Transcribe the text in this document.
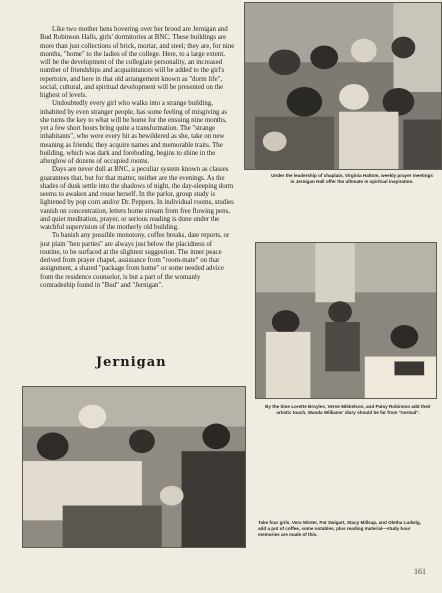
Like two mother hens hovering over her brood are Jernigan and Bud Robinson Halls, girls' dormitories at BNC. These buildings are more than just collections of brick, mortar, and steel; they are, for nine months, "home" to the ladies of the college. Here, to a large extent, will be the development of the collegiate personality, an increased number of friendships and acquaintances will be added to the girl's repertoire, and here in that old arrangement known as "dorm life", social, cultural, and spiritual development will be presented on the highest of levels.

Undoubtedly every girl who walks into a strange building, inhabited by even stranger people, has some feeling of misgiving as she turns the key to what will be home for the ensuing nine months, yet a few short hours bring quite a transformation. The "strange inhabitants", who were every bit as bewildered as she, take on new meaning as friends; they acquire names and memorable traits. The building, which was dark and foreboding, begins to shine in the afterglow of dozens of occupied rooms.

Days are never dull at BNC, a peculiar system known as classes guarantees that, but for that matter, neither are the evenings. As the shades of dusk settle into the shadows of night, the day-sleeping dorm seems to awaken and rouse herself. In the parlor, group study is lightened by pop corn and/or Dr. Peppers. In individual rooms, studies vanish on concentration, letters home stream from free flowing pens, and quiet meditation, prayer, or serious reading is done under the watchful supervision of the motherly old building.

To banish any possible monotony, coffee breaks, date reports, or just plain "hen parties" are always just below the placidness of routine, to be surfaced at the slightest suggestion. The inner peace derived from prayer chapel, assistance from "room-mate" on that assignment, a shared "package from home" or some needed advice from the residence counselor, is but a part of the womanly comradeship found in "Bud" and "Jernigan".

Jernigan
Under the leadership of chaplain, Virginia Haltom, weekly prayer meetings in Jernigan Hall offer the ultimate in spiritual inspiration.
By the time Lorette Broyles, Verne Mikkelson, and Patsy Robinson add their artistic touch, Wanda Williams' diary should be far from "normal".
Take four girls, Vera Winter, Pat Swigart, Stacy Millsap, and Oletha Ludwig, add a pot of coffee, some notables, plus reading material—study hour memories are made of this.
161
